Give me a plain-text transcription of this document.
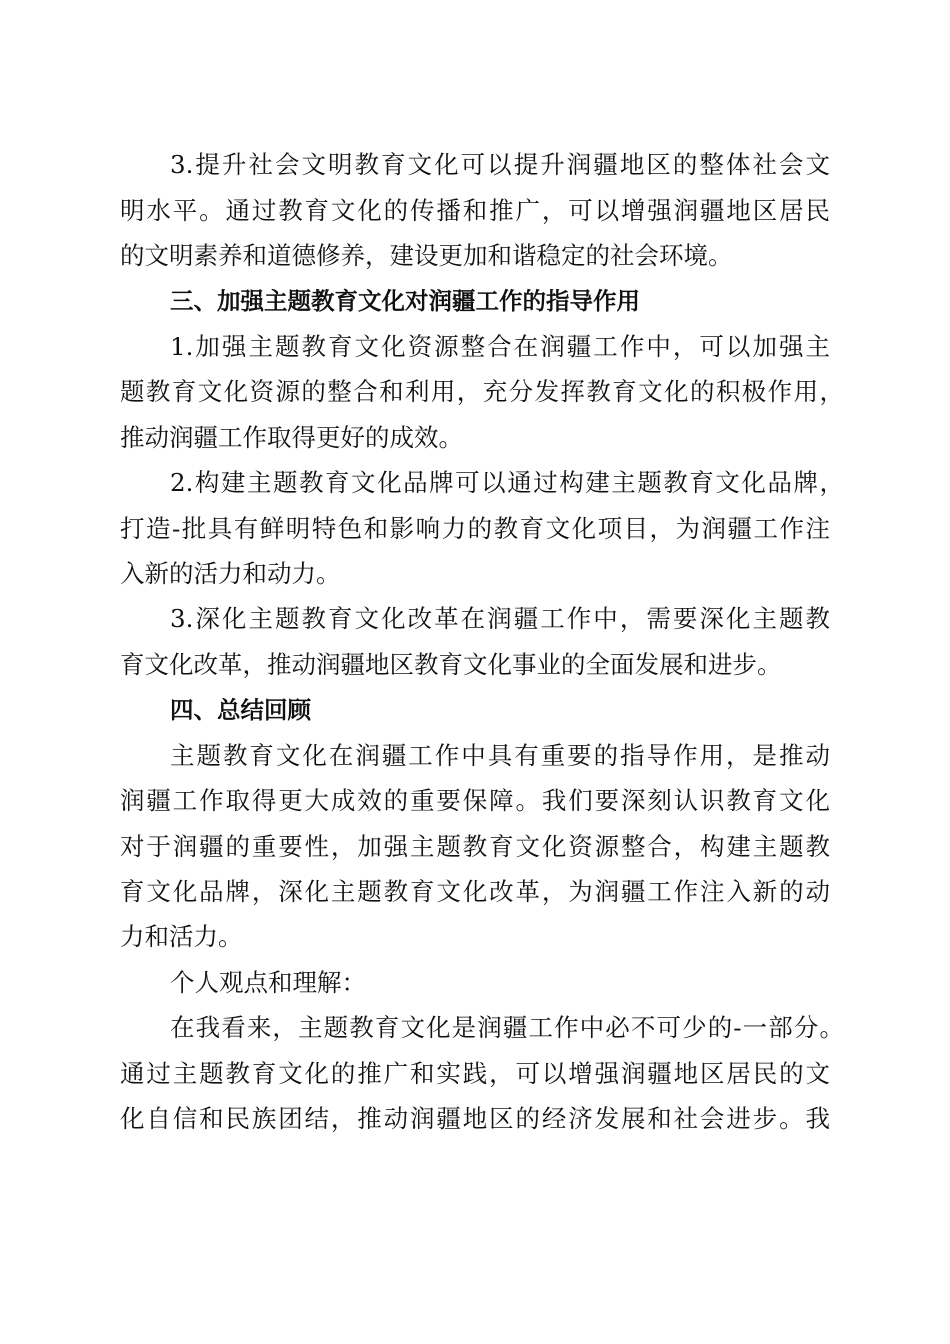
3.提升社会文明教育文化可以提升润疆地区的整体社会文
明水平。通过教育文化的传播和推广，可以增强润疆地区居民
的文明素养和道德修养，建设更加和谐稳定的社会环境。
三、加强主题教育文化对润疆工作的指导作用
1.加强主题教育文化资源整合在润疆工作中，可以加强主
题教育文化资源的整合和利用，充分发挥教育文化的积极作用，
推动润疆工作取得更好的成效。
2.构建主题教育文化品牌可以通过构建主题教育文化品牌，
打造-批具有鲜明特色和影响力的教育文化项目，为润疆工作注
入新的活力和动力。
3.深化主题教育文化改革在润疆工作中，需要深化主题教
育文化改革，推动润疆地区教育文化事业的全面发展和进步。
四、总结回顾
主题教育文化在润疆工作中具有重要的指导作用，是推动
润疆工作取得更大成效的重要保障。我们要深刻认识教育文化
对于润疆的重要性，加强主题教育文化资源整合，构建主题教
育文化品牌，深化主题教育文化改革，为润疆工作注入新的动
力和活力。
个人观点和理解：
在我看来，主题教育文化是润疆工作中必不可少的-一部分。
通过主题教育文化的推广和实践，可以增强润疆地区居民的文
化自信和民族团结，推动润疆地区的经济发展和社会进步。我
